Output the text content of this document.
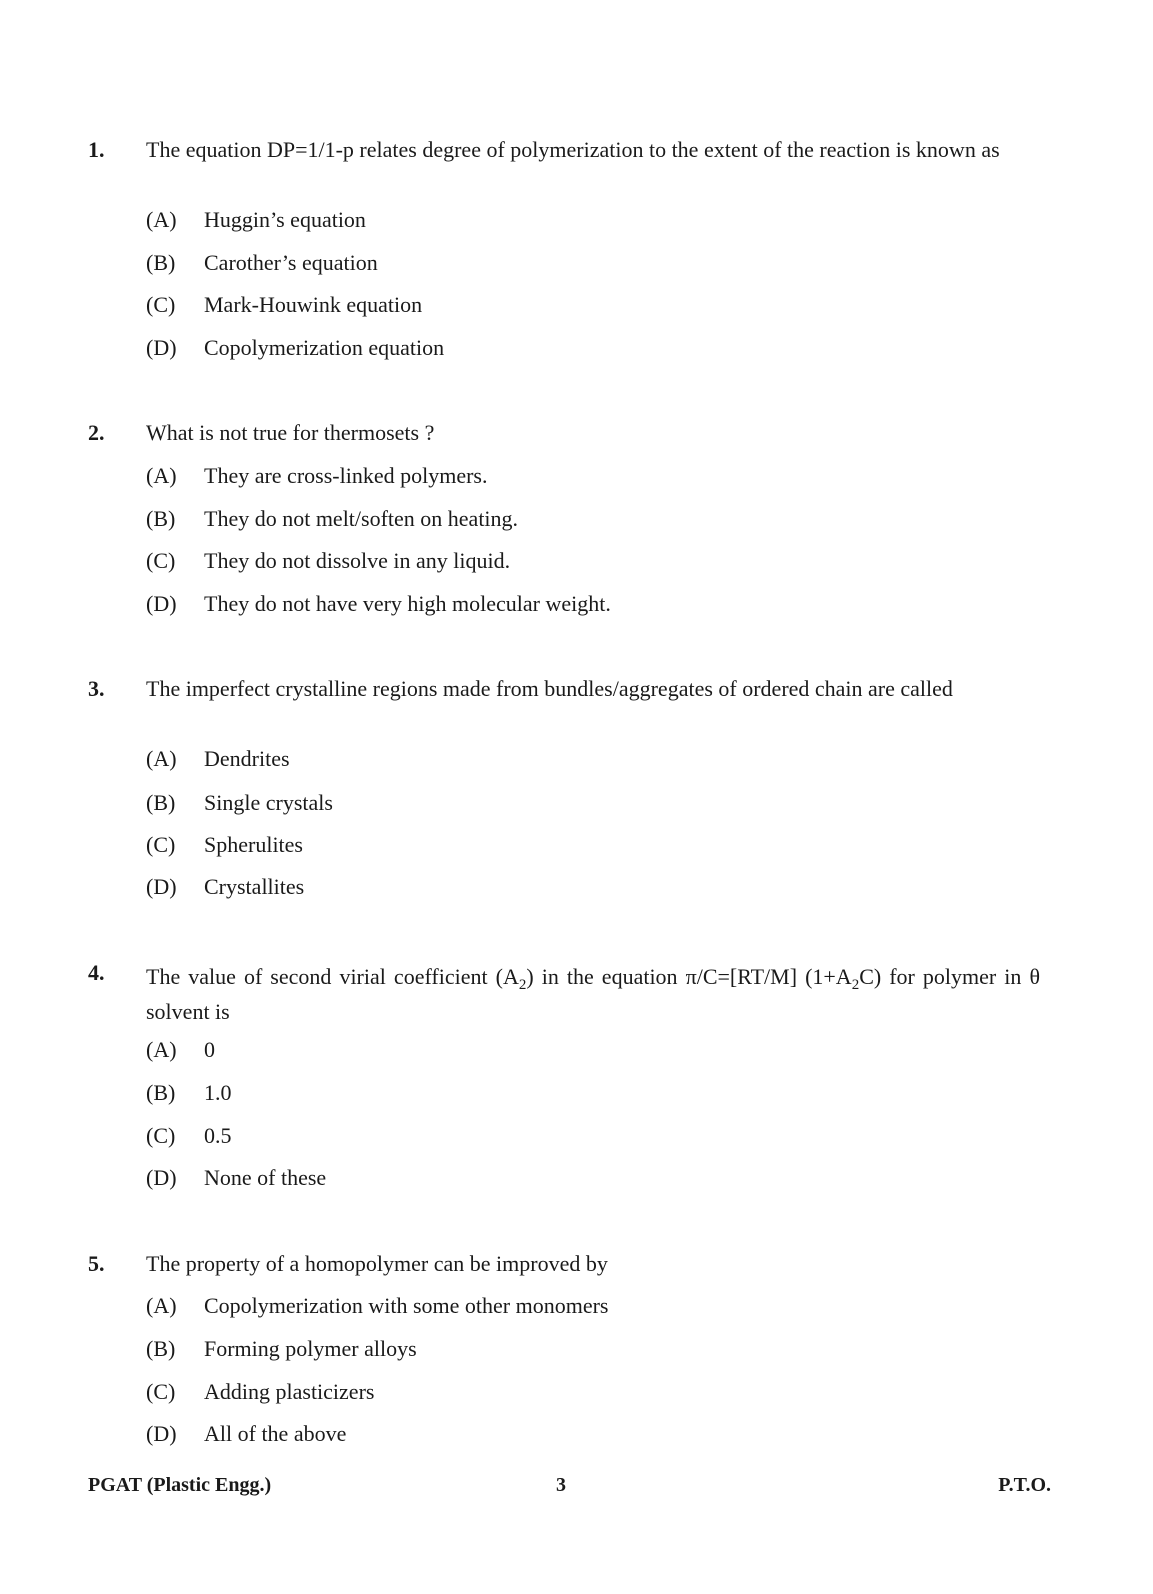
1.	The equation DP=1/1-p relates degree of polymerization to the extent of the reaction is known as
(A)	Huggin’s equation
(B)	Carother’s equation
(C)	Mark-Houwink equation
(D)	Copolymerization equation
2.	What is not true for thermosets ?
(A)	They are cross-linked polymers.
(B)	They do not melt/soften on heating.
(C)	They do not dissolve in any liquid.
(D)	They do not have very high molecular weight.
3.	The imperfect crystalline regions made from bundles/aggregates of ordered chain are called
(A)	Dendrites
(B)	Single crystals
(C)	Spherulites
(D)	Crystallites
4.	The value of second virial coefficient $(A_2)$ in the equation π/C=[RT/M] $(1+A_2C)$ for polymer in θ solvent is
(A)	0
(B)	1.0
(C)	0.5
(D)	None of these
5.	The property of a homopolymer can be improved by
(A)	Copolymerization with some other monomers
(B)	Forming polymer alloys
(C)	Adding plasticizers
(D)	All of the above
PGAT (Plastic Engg.)	3	P.T.O.
